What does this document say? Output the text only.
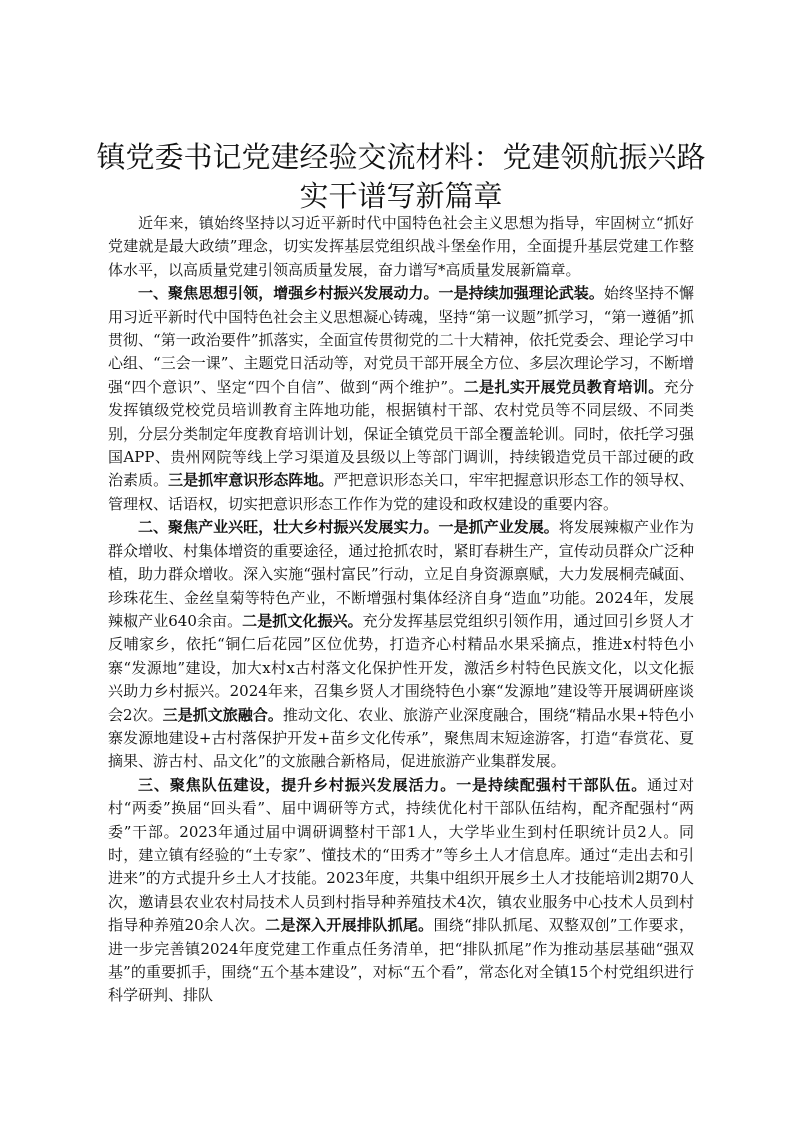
镇党委书记党建经验交流材料：党建领航振兴路 实干谱写新篇章

近年来，镇始终坚持以习近平新时代中国特色社会主义思想为指导，牢固树立“抓好党建就是最大政绩”理念，切实发挥基层党组织战斗堡垒作用，全面提升基层党建工作整体水平，以高质量党建引领高质量发展，奋力谱写*高质量发展新篇章。

一、聚焦思想引领，增强乡村振兴发展动力。一是持续加强理论武装。始终坚持不懈用习近平新时代中国特色社会主义思想凝心铸魂，坚持“第一议题”抓学习，“第一遵循”抓贯彻、“第一政治要件”抓落实，全面宣传贯彻党的二十大精神，依托党委会、理论学习中心组、“三会一课”、主题党日活动等，对党员干部开展全方位、多层次理论学习，不断增强“四个意识”、坚定“四个自信”、做到“两个维护”。二是扎实开展党员教育培训。充分发挥镇级党校党员培训教育主阵地功能，根据镇村干部、农村党员等不同层级、不同类别，分层分类制定年度教育培训计划，保证全镇党员干部全覆盖轮训。同时，依托学习强国APP、贵州网院等线上学习渠道及县级以上等部门调训，持续锻造党员干部过硬的政治素质。三是抓牢意识形态阵地。严把意识形态关口，牢牢把握意识形态工作的领导权、管理权、话语权，切实把意识形态工作作为党的建设和政权建设的重要内容。

二、聚焦产业兴旺，壮大乡村振兴发展实力。一是抓产业发展。将发展辣椒产业作为群众增收、村集体增资的重要途径，通过抢抓农时，紧盯春耕生产，宣传动员群众广泛种植，助力群众增收。深入实施“强村富民”行动，立足自身资源禀赋，大力发展桐壳碱面、珍珠花生、金丝皇菊等特色产业，不断增强村集体经济自身“造血”功能。2024年，发展辣椒产业640余亩。二是抓文化振兴。充分发挥基层党组织引领作用，通过回引乡贤人才反哺家乡，依托“铜仁后花园”区位优势，打造齐心村精品水果采摘点，推进x村特色小寨“发源地”建设，加大x村x古村落文化保护性开发，激活乡村特色民族文化，以文化振兴助力乡村振兴。2024年来，召集乡贤人才围绕特色小寨“发源地”建设等开展调研座谈会2次。三是抓文旅融合。推动文化、农业、旅游产业深度融合，围绕“精品水果+特色小寨发源地建设+古村落保护开发+苗乡文化传承”，聚焦周末短途游客，打造“春赏花、夏摘果、游古村、品文化”的文旅融合新格局，促进旅游产业集群发展。

三、聚焦队伍建设，提升乡村振兴发展活力。一是持续配强村干部队伍。通过对村“两委”换届“回头看”、届中调研等方式，持续优化村干部队伍结构，配齐配强村“两委”干部。2023年通过届中调研调整村干部1人，大学毕业生到村任职统计员2人。同时，建立镇有经验的“土专家”、懂技术的“田秀才”等乡土人才信息库。通过“走出去和引进来”的方式提升乡土人才技能。2023年度，共集中组织开展乡土人才技能培训2期70人次，邀请县农业农村局技术人员到村指导种养殖技术4次，镇农业服务中心技术人员到村指导种养殖20余人次。二是深入开展排队抓尾。围绕“排队抓尾、双整双创”工作要求，进一步完善镇2024年度党建工作重点任务清单，把“排队抓尾”作为推动基层基础“强双基”的重要抓手，围绕“五个基本建设”，对标“五个看”，常态化对全镇15个村党组织进行科学研判、排队
